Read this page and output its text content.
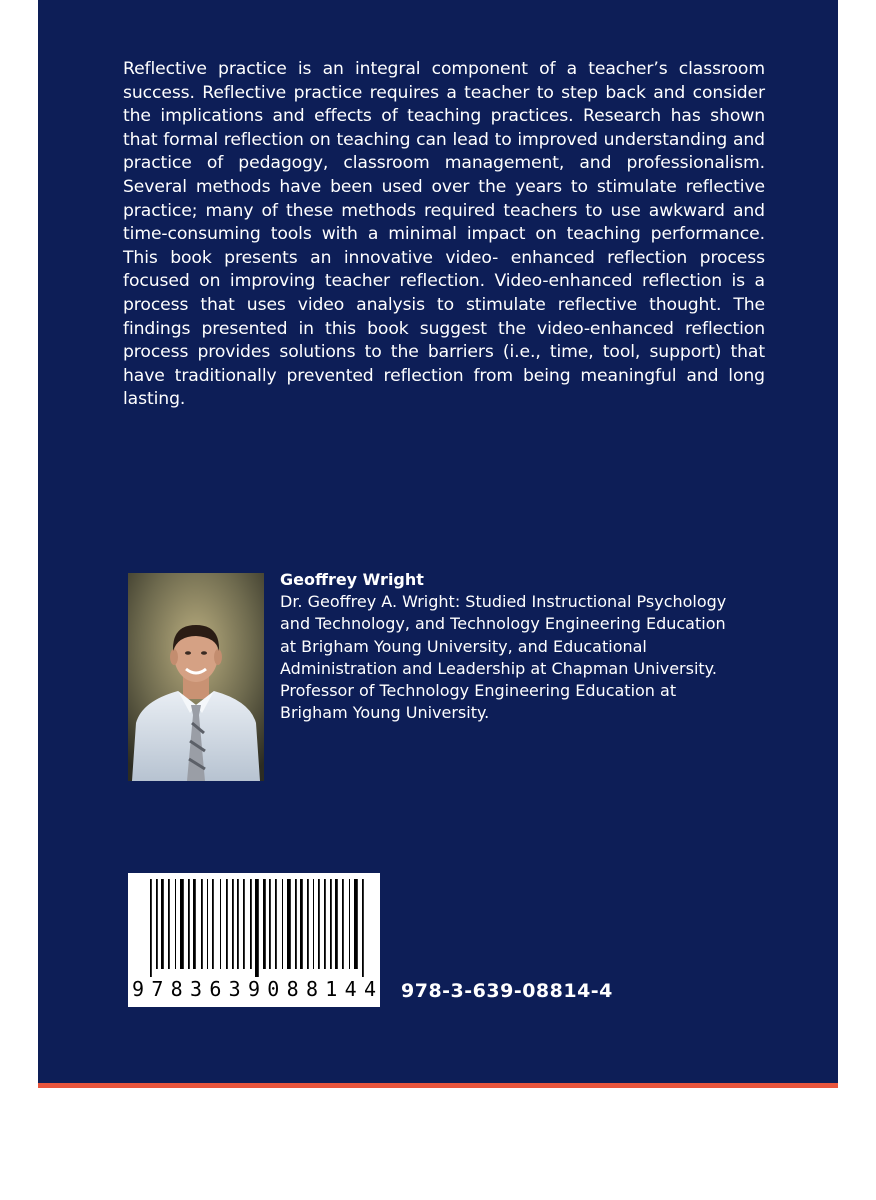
Reflective practice is an integral component of a teacher’s classroom success. Reflective practice requires a teacher to step back and consider the implications and effects of teaching practices. Research has shown that formal reflection on teaching can lead to improved understanding and practice of pedagogy, classroom management, and professionalism. Several methods have been used over the years to stimulate reflective practice; many of these methods required teachers to use awkward and time-consuming tools with a minimal impact on teaching performance. This book presents an innovative video- enhanced reflection process focused on improving teacher reflection. Video-enhanced reflection is a process that uses video analysis to stimulate reflective thought. The findings presented in this book suggest the video-enhanced reflection process provides solutions to the barriers (i.e., time, tool, support) that have traditionally prevented reflection from being meaningful and long lasting.

Geoffrey Wright

Dr. Geoffrey A. Wright: Studied Instructional Psychology and Technology, and Technology Engineering Education at Brigham Young University, and Educational Administration and Leadership at Chapman University. Professor of Technology Engineering Education at Brigham Young University.

9 7 8 3 6 3 9 0 8 8 1 4 4 978-3-639-08814-4
